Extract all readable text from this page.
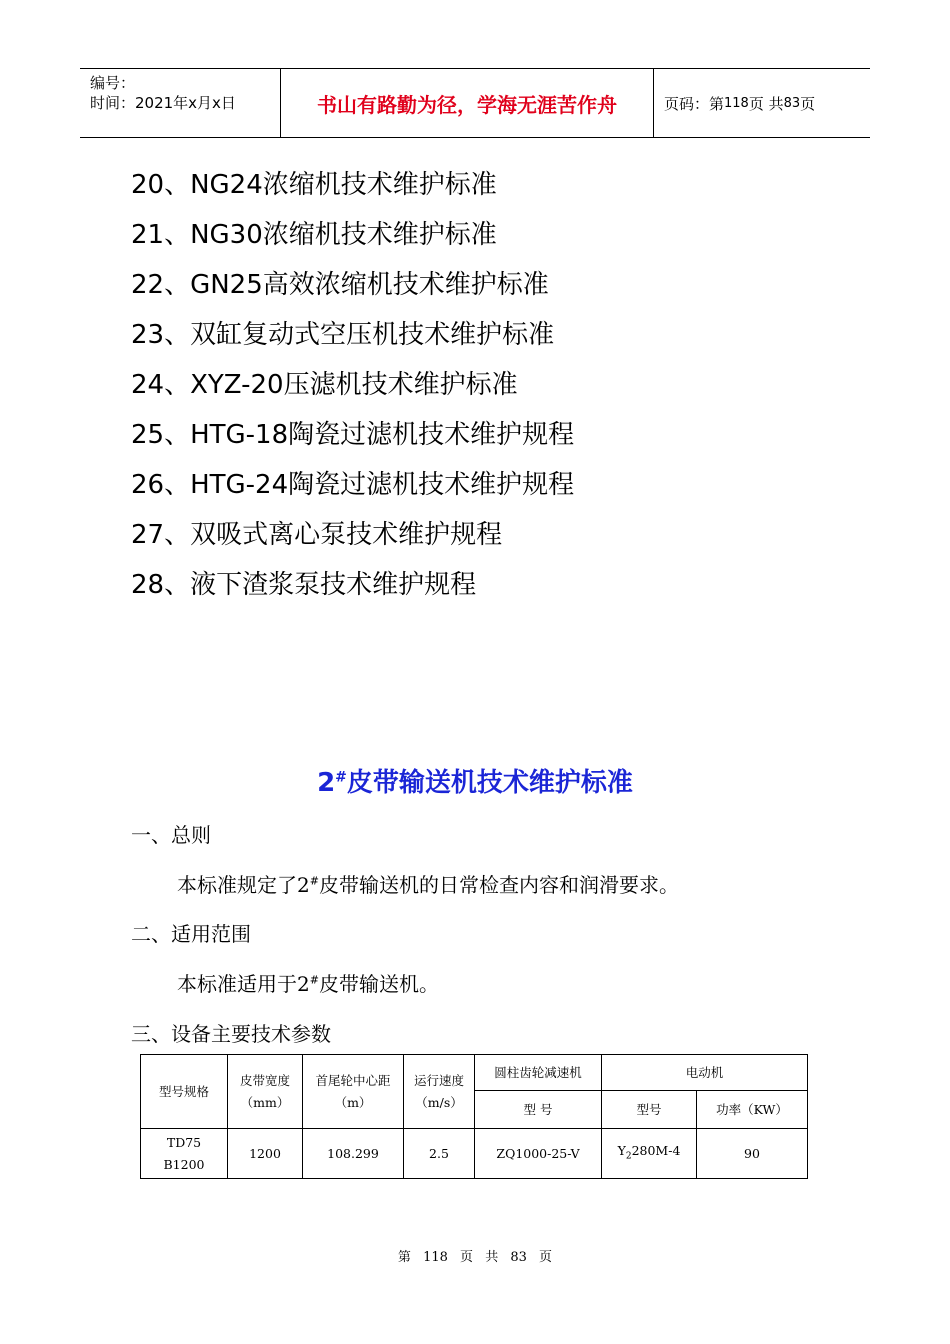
编号：
时间：2021年x月x日	书山有路勤为径，学海无涯苦作舟	页码：第 118 页 共 83 页
20、NG24浓缩机技术维护标准
21、NG30浓缩机技术维护标准
22、GN25高效浓缩机技术维护标准
23、双缸复动式空压机技术维护标准
24、XYZ-20压滤机技术维护标准
25、HTG-18陶瓷过滤机技术维护规程
26、HTG-24陶瓷过滤机技术维护规程
27、双吸式离心泵技术维护规程
28、液下渣浆泵技术维护规程
2#皮带输送机技术维护标准
一、总则
本标准规定了2#皮带输送机的日常检查内容和润滑要求。
二、适用范围
本标准适用于2#皮带输送机。
三、设备主要技术参数
型号规格	皮带宽度（mm）	首尾轮中心距（m）	运行速度（m/s）	圆柱齿轮减速机	电动机	
				型 号	型号	功率（KW）

TD75
B1200	1200	108.299	2.5	ZQ1000-25-V	$Y_2280M-4$	90
第 118 页 共 83 页
